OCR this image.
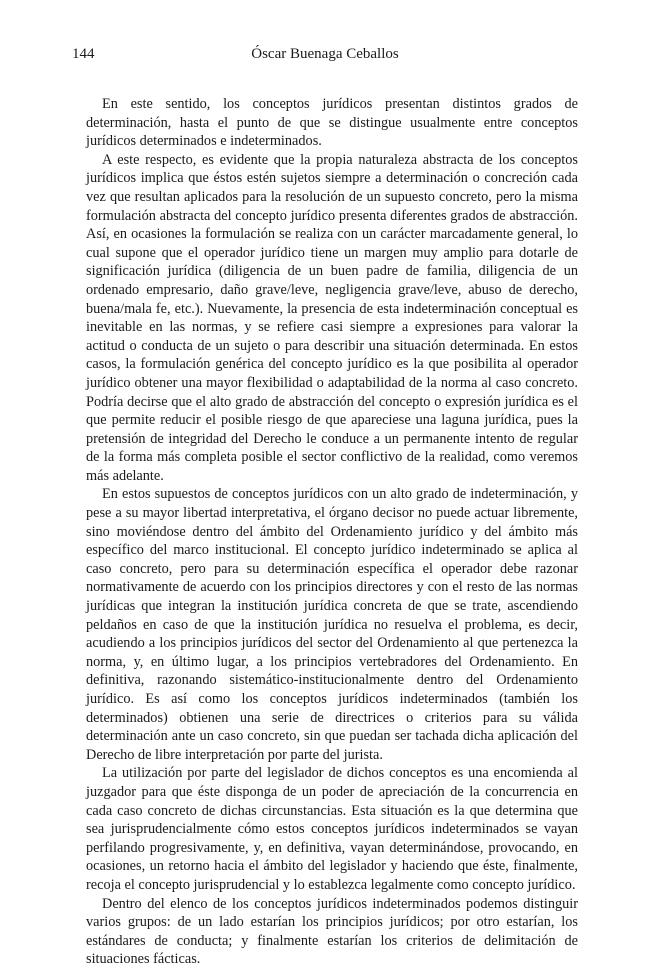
144	Óscar Buenaga Ceballos

En este sentido, los conceptos jurídicos presentan distintos grados de determinación, hasta el punto de que se distingue usualmente entre conceptos jurídicos determinados e indeterminados.

A este respecto, es evidente que la propia naturaleza abstracta de los conceptos jurídicos implica que éstos estén sujetos siempre a determinación o concreción cada vez que resultan aplicados para la resolución de un supuesto concreto, pero la misma formulación abstracta del concepto jurídico presenta diferentes grados de abstracción. Así, en ocasiones la formulación se realiza con un carácter marcadamente general, lo cual supone que el operador jurídico tiene un margen muy amplio para dotarle de significación jurídica (diligencia de un buen padre de familia, diligencia de un ordenado empresario, daño grave/leve, negligencia grave/leve, abuso de derecho, buena/mala fe, etc.). Nuevamente, la presencia de esta indeterminación conceptual es inevitable en las normas, y se refiere casi siempre a expresiones para valorar la actitud o conducta de un sujeto o para describir una situación determinada. En estos casos, la formulación genérica del concepto jurídico es la que posibilita al operador jurídico obtener una mayor flexibilidad o adaptabilidad de la norma al caso concreto. Podría decirse que el alto grado de abstracción del concepto o expresión jurídica es el que permite reducir el posible riesgo de que apareciese una laguna jurídica, pues la pretensión de integridad del Derecho le conduce a un permanente intento de regular de la forma más completa posible el sector conflictivo de la realidad, como veremos más adelante.

En estos supuestos de conceptos jurídicos con un alto grado de indeterminación, y pese a su mayor libertad interpretativa, el órgano decisor no puede actuar libremente, sino moviéndose dentro del ámbito del Ordenamiento jurídico y del ámbito más específico del marco institucional. El concepto jurídico indeterminado se aplica al caso concreto, pero para su determinación específica el operador debe razonar normativamente de acuerdo con los principios directores y con el resto de las normas jurídicas que integran la institución jurídica concreta de que se trate, ascendiendo peldaños en caso de que la institución jurídica no resuelva el problema, es decir, acudiendo a los principios jurídicos del sector del Ordenamiento al que pertenezca la norma, y, en último lugar, a los principios vertebradores del Ordenamiento. En definitiva, razonando sistemático-institucionalmente dentro del Ordenamiento jurídico. Es así como los conceptos jurídicos indeterminados (también los determinados) obtienen una serie de directrices o criterios para su válida determinación ante un caso concreto, sin que puedan ser tachada dicha aplicación del Derecho de libre interpretación por parte del jurista.

La utilización por parte del legislador de dichos conceptos es una encomienda al juzgador para que éste disponga de un poder de apreciación de la concurrencia en cada caso concreto de dichas circunstancias. Esta situación es la que determina que sea jurisprudencialmente cómo estos conceptos jurídicos indeterminados se vayan perfilando progresivamente, y, en definitiva, vayan determinándose, provocando, en ocasiones, un retorno hacia el ámbito del legislador y haciendo que éste, finalmente, recoja el concepto jurisprudencial y lo establezca legalmente como concepto jurídico.

Dentro del elenco de los conceptos jurídicos indeterminados podemos distinguir varios grupos: de un lado estarían los principios jurídicos; por otro estarían, los estándares de conducta; y finalmente estarían los criterios de delimitación de situaciones fácticas.
